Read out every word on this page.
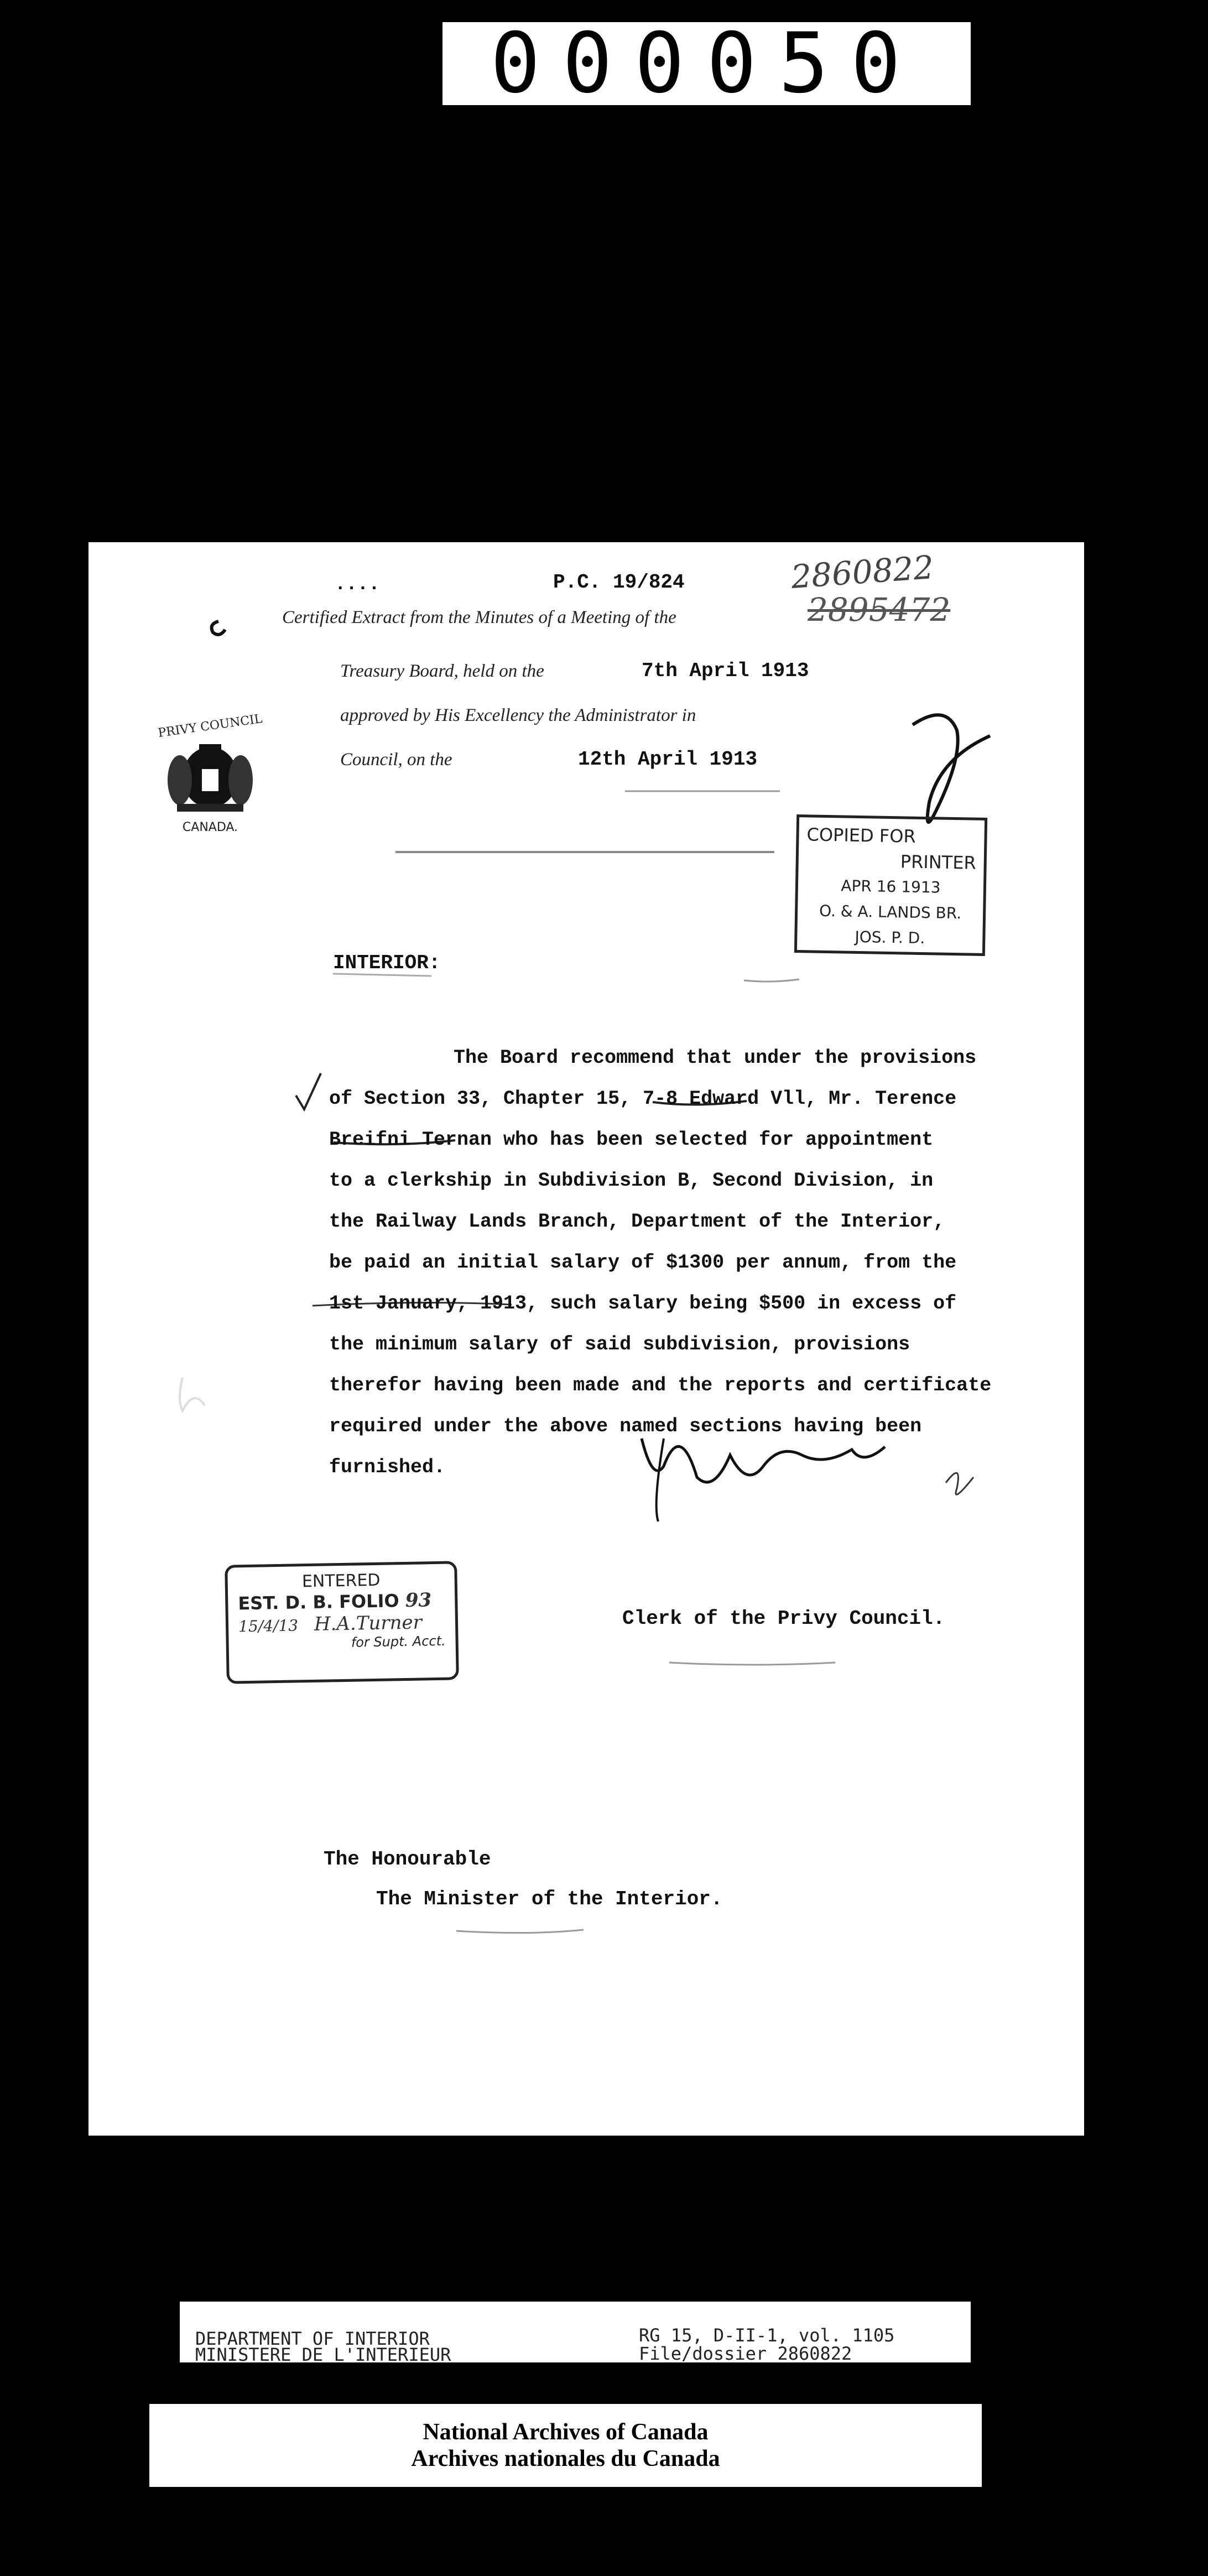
000050
....	P.C. 19/824	2860822
2895472
Certified Extract from the Minutes of a Meeting of the
Treasury Board, held on the	7th April 1913
approved by His Excellency the Administrator in
Council, on the	12th April 1913
PRIVY COUNCIL
CANADA.	COPIED FOR
PRINTER
APR 16 1913
O. & A. LANDS BR.
JOS. P. D.
INTERIOR:

The Board recommend that under the provisions

of Section 33, Chapter 15, 7-8 Edward Vll, Mr. Terence

Breifni Ternan who has been selected for appointment

to a clerkship in Subdivision B, Second Division, in

the Railway Lands Branch, Department of the Interior,

be paid an initial salary of $1300 per annum, from the

1st January, 1913, such salary being $500 in excess of

the minimum salary of said subdivision, provisions

therefor having been made and the reports and certificate

required under the above named sections having been

furnished.

Clerk of the Privy Council.
ENTERED
EST. D. B. FOLIO 93
15/4/13 H.A.Turner
for Supt. Acct.
The Honourable
The Minister of the Interior.
DEPARTMENT OF INTERIOR
MINISTERE DE L'INTERIEUR
RG 15, D-II-1, vol. 1105
File/dossier 2860822
National Archives of Canada
Archives nationales du Canada
